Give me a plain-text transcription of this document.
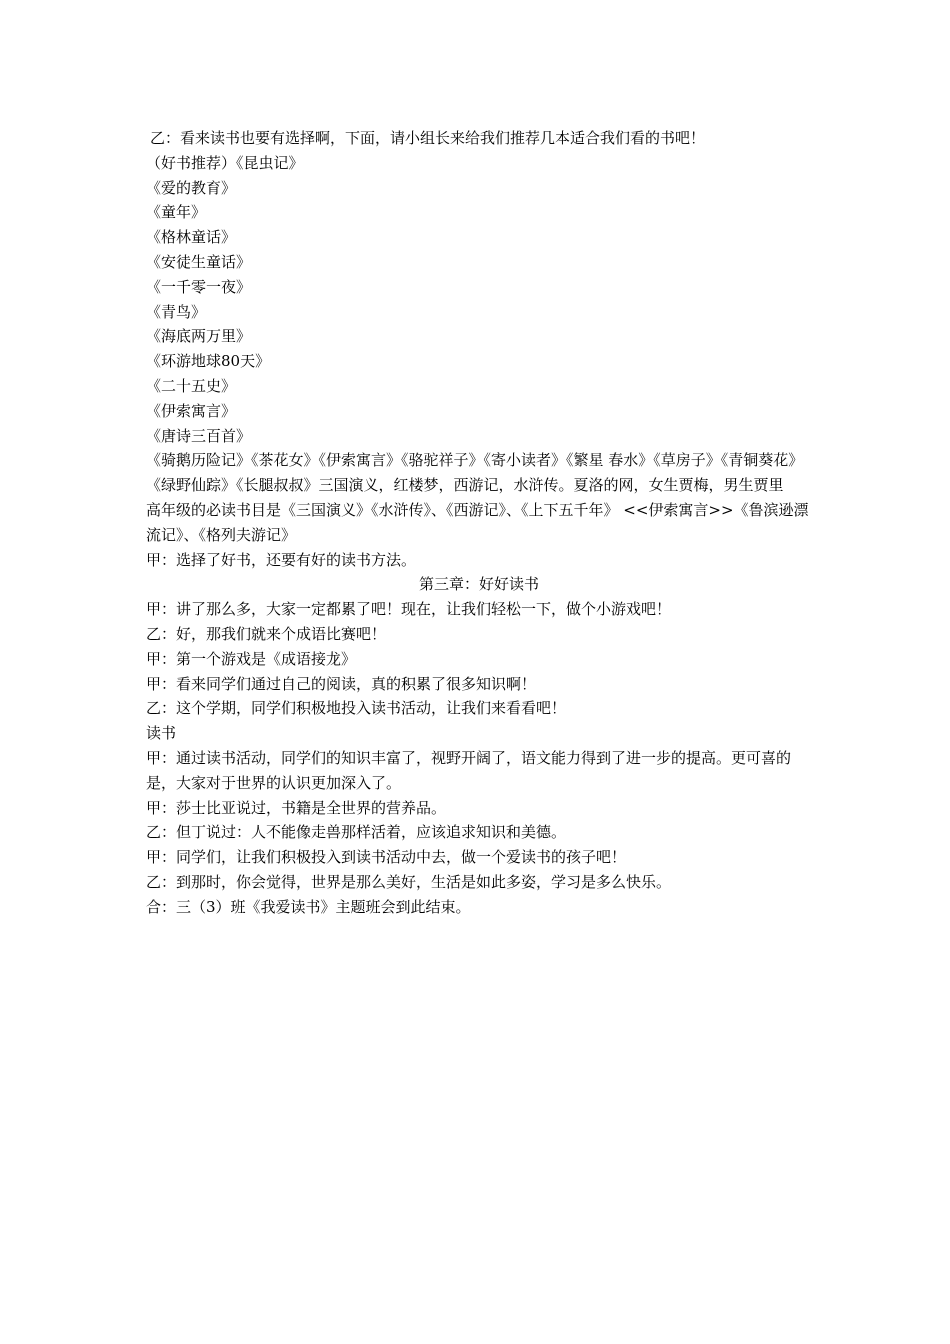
乙：看来读书也要有选择啊，下面，请小组长来给我们推荐几本适合我们看的书吧！

（好书推荐）《昆虫记》

《爱的教育》

《童年》

《格林童话》

《安徒生童话》

《一千零一夜》

《青鸟》

《海底两万里》

《环游地球80天》

《二十五史》

《伊索寓言》

《唐诗三百首》

《骑鹅历险记》《茶花女》《伊索寓言》《骆驼祥子》《寄小读者》《繁星 春水》《草房子》《青铜葵花》《绿野仙踪》《长腿叔叔》三国演义，红楼梦，西游记，水浒传。夏洛的网，女生贾梅，男生贾里

高年级的必读书目是《三国演义》《水浒传》、《西游记》、《上下五千年》 <<伊索寓言>>《鲁滨逊漂流记》、《格列夫游记》

甲：选择了好书，还要有好的读书方法。

第三章：好好读书

甲：讲了那么多，大家一定都累了吧！现在，让我们轻松一下，做个小游戏吧！

乙：好，那我们就来个成语比赛吧！

甲：第一个游戏是《成语接龙》

甲：看来同学们通过自己的阅读，真的积累了很多知识啊！

乙：这个学期，同学们积极地投入读书活动，让我们来看看吧！

读书

甲：通过读书活动，同学们的知识丰富了，视野开阔了，语文能力得到了进一步的提高。更可喜的是，大家对于世界的认识更加深入了。

甲：莎士比亚说过，书籍是全世界的营养品。

乙：但丁说过：人不能像走兽那样活着，应该追求知识和美德。

甲：同学们，让我们积极投入到读书活动中去，做一个爱读书的孩子吧！

乙：到那时，你会觉得，世界是那么美好，生活是如此多姿，学习是多么快乐。

合：三（3）班《我爱读书》主题班会到此结束。
